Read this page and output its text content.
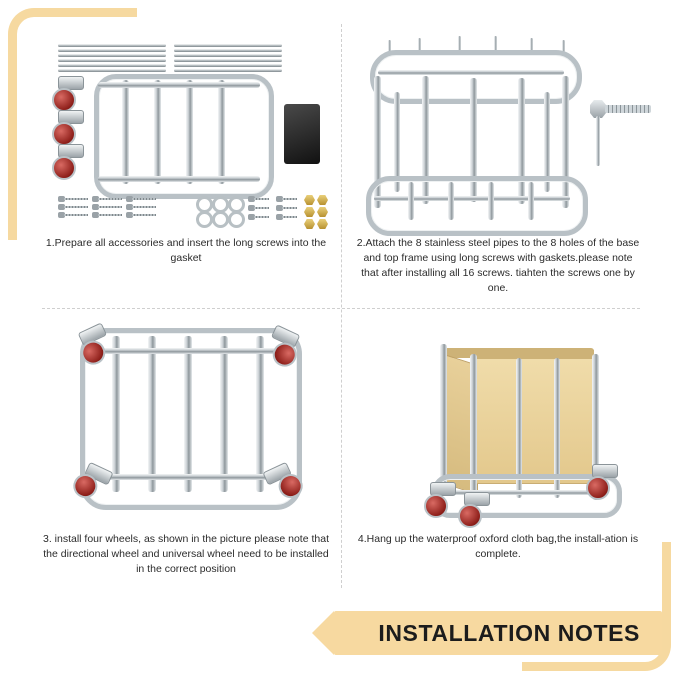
1.Prepare all accessories and insert the long screws into the gasket
2.Attach the 8 stainless steel pipes to the 8 holes of the base and top frame using long screws with gaskets.please note that after installing all 16 screws. tiahten the screws one by one.
3. install four wheels, as shown in the picture please note that the directional wheel and universal wheel need to be installed in the correct position
4.Hang up the waterproof oxford cloth bag,the install-ation is complete.
INSTALLATION NOTES
